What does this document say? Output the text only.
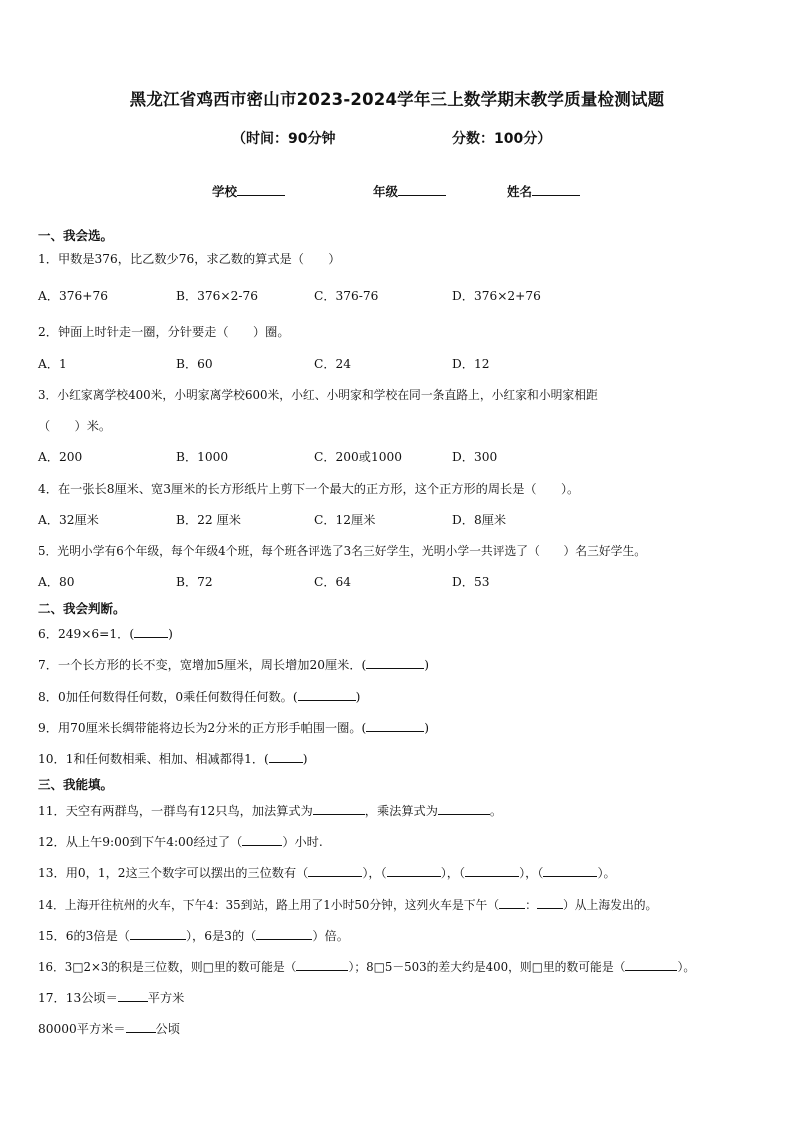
黑龙江省鸡西市密山市2023-2024学年三上数学期末教学质量检测试题
（时间：90分钟	分数：100分）
学校	年级	姓名
一、我会选。
1．甲数是376，比乙数少76，求乙数的算式是（　　）
A．376+76	B．376×2-76	C．376-76	D．376×2+76
2．钟面上时针走一圈，分针要走（　　）圈。
A．1	B．60	C．24	D．12
3．小红家离学校400米，小明家离学校600米，小红、小明家和学校在同一条直路上，小红家和小明家相距
（　　）米。
A．200	B．1000	C．200或1000	D．300
4．在一张长8厘米、宽3厘米的长方形纸片上剪下一个最大的正方形，这个正方形的周长是（　　）。
A．32厘米	B．22 厘米	C．12厘米	D．8厘米
5．光明小学有6个年级，每个年级4个班，每个班各评选了3名三好学生，光明小学一共评选了（　　）名三好学生。
A．80	B．72	C．64	D．53
二、我会判断。
6．249×6=1．(	)
7．一个长方形的长不变，宽增加5厘米，周长增加20厘米．(	)
8．0加任何数得任何数，0乘任何数得任何数。(	)
9．用70厘米长绸带能将边长为2分米的正方形手帕围一圈。(	)
10．1和任何数相乘、相加、相减都得1．(	)
三、我能填。
11．天空有两群鸟，一群鸟有12只鸟，加法算式为	，乘法算式为	。
12．从上午9:00到下午4:00经过了（	）小时.
13．用0，1，2这三个数字可以摆出的三位数有（	），（	），（	），（	）。
14．上海开往杭州的火车，下午4：35到站，路上用了1小时50分钟，这列火车是下午（ ： ）从上海发出的。
15．6的3倍是（	），6是3的（	）倍。
16．3□2×3的积是三位数，则□里的数可能是（	）；8□5－503的差大约是400，则□里的数可能是（	）。
17．13公顷＝ 平方米
80000平方米＝ 公顷
